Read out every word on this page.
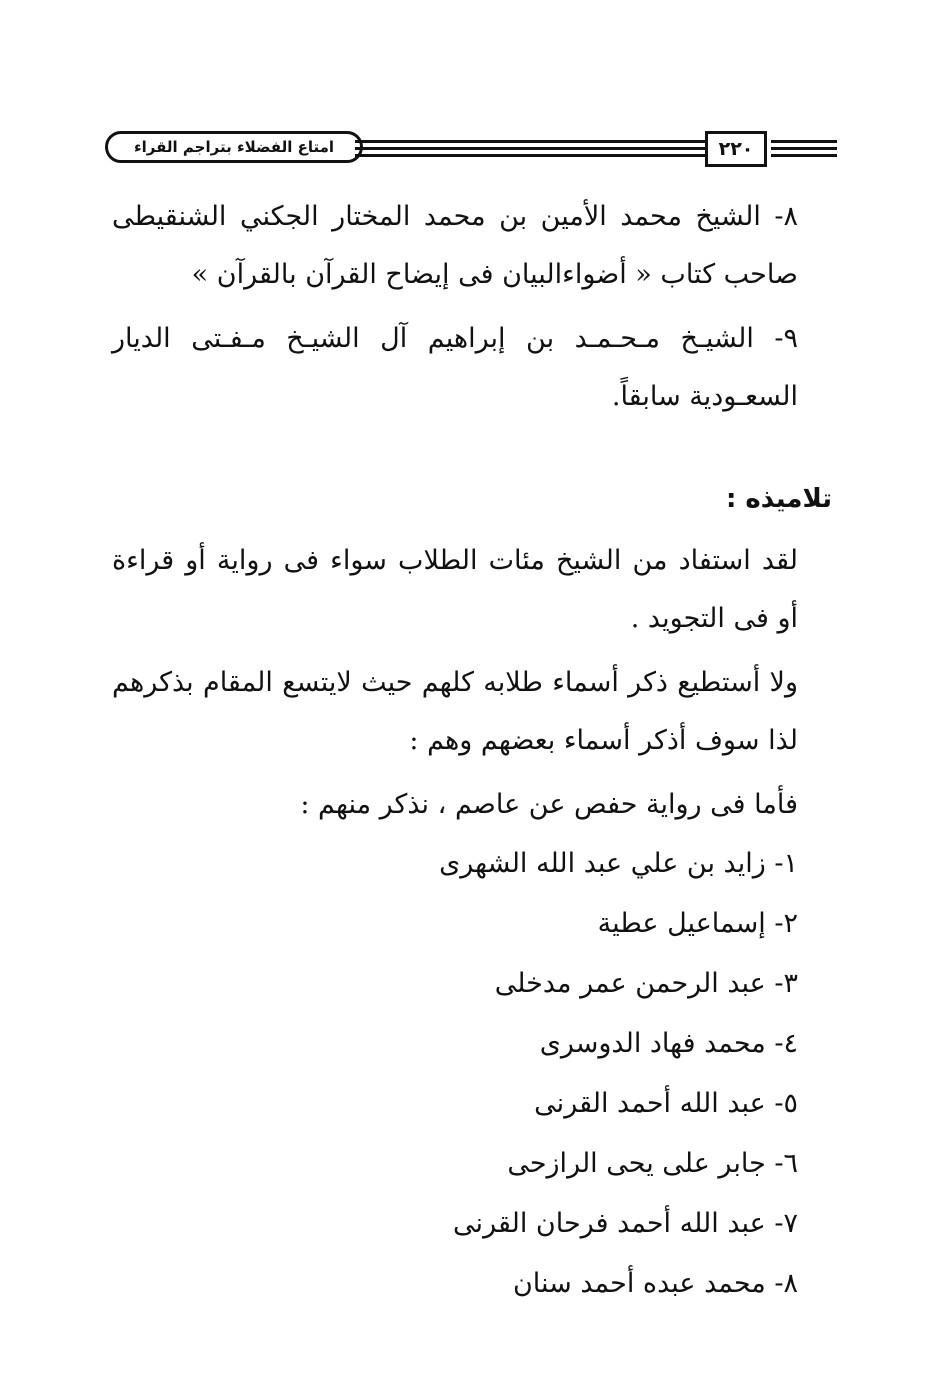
امتاع الفضلاء بتراجم القراء	٢٢٠

٨- الشيخ محمد الأمين بن محمد المختار الجكني الشنقيطى صاحب كتاب « أضواءالبيان فى إيضاح القرآن بالقرآن »

٩- الشيـخ مـحـمـد بن إبراهيم آل الشيـخ مـفـتى الديار السعـودية سابقاً.

تلاميذه :

لقد استفاد من الشيخ مئات الطلاب سواء فى رواية أو قراءة أو فى التجويد .

ولا أستطيع ذكر أسماء طلابه كلهم حيث لايتسع المقام بذكرهم لذا سوف أذكر أسماء بعضهم وهم :

فأما فى رواية حفص عن عاصم ، نذكر منهم :

١- زايد بن علي عبد الله الشهرى
٢- إسماعيل عطية
٣- عبد الرحمن عمر مدخلى
٤- محمد فهاد الدوسرى
٥- عبد الله أحمد القرنى
٦- جابر علی يحى الرازحى
٧- عبد الله أحمد فرحان القرنى
٨- محمد عبده أحمد سنان
